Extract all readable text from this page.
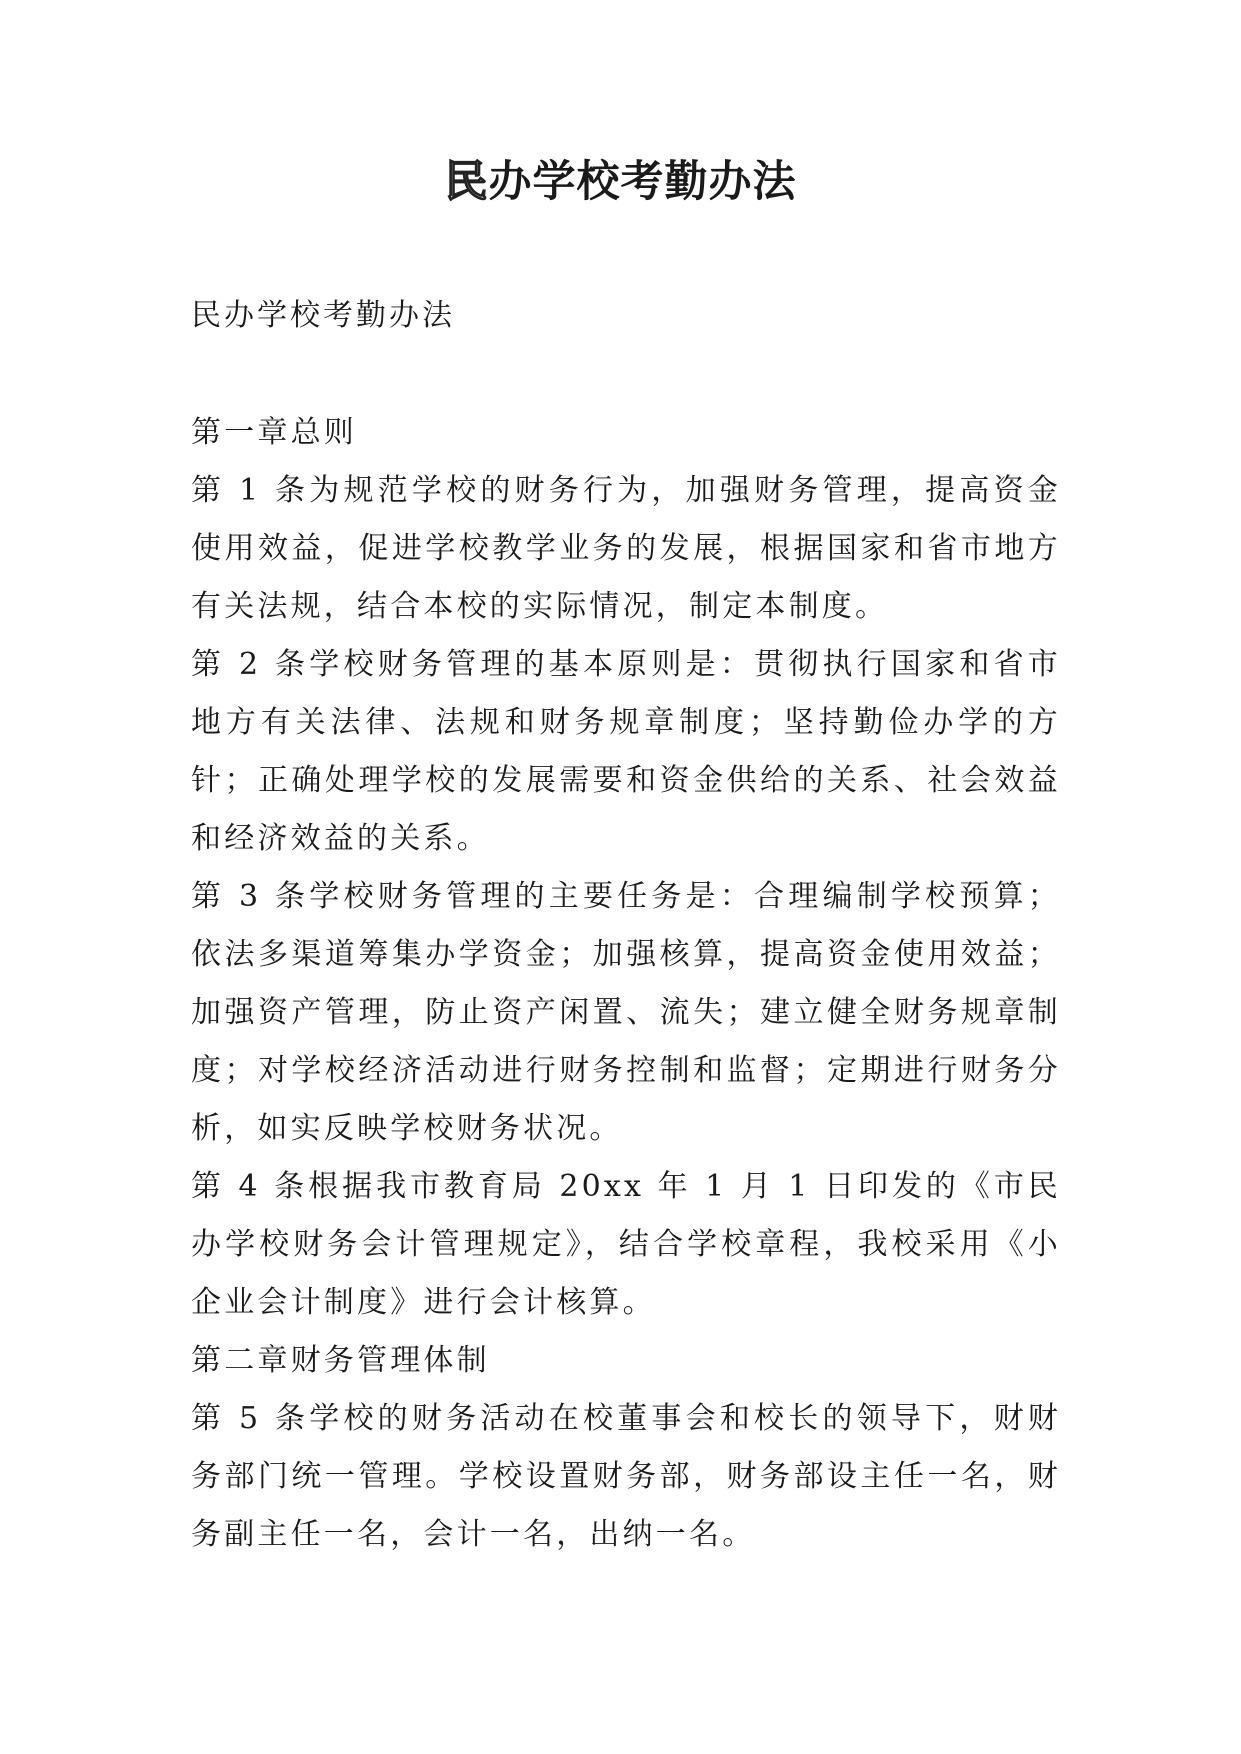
民办学校考勤办法

民办学校考勤办法

第一章总则

第 1 条为规范学校的财务行为，加强财务管理，提高资金使用效益，促进学校教学业务的发展，根据国家和省市地方有关法规，结合本校的实际情况，制定本制度。

第 2 条学校财务管理的基本原则是：贯彻执行国家和省市地方有关法律、法规和财务规章制度；坚持勤俭办学的方针；正确处理学校的发展需要和资金供给的关系、社会效益和经济效益的关系。

第 3 条学校财务管理的主要任务是：合理编制学校预算；依法多渠道筹集办学资金；加强核算，提高资金使用效益；加强资产管理，防止资产闲置、流失；建立健全财务规章制度；对学校经济活动进行财务控制和监督；定期进行财务分析，如实反映学校财务状况。

第 4 条根据我市教育局 20xx 年 1 月 1 日印发的《市民办学校财务会计管理规定》，结合学校章程，我校采用《小企业会计制度》进行会计核算。

第二章财务管理体制

第 5 条学校的财务活动在校董事会和校长的领导下，财财务部门统一管理。学校设置财务部，财务部设主任一名，财务副主任一名，会计一名，出纳一名。
